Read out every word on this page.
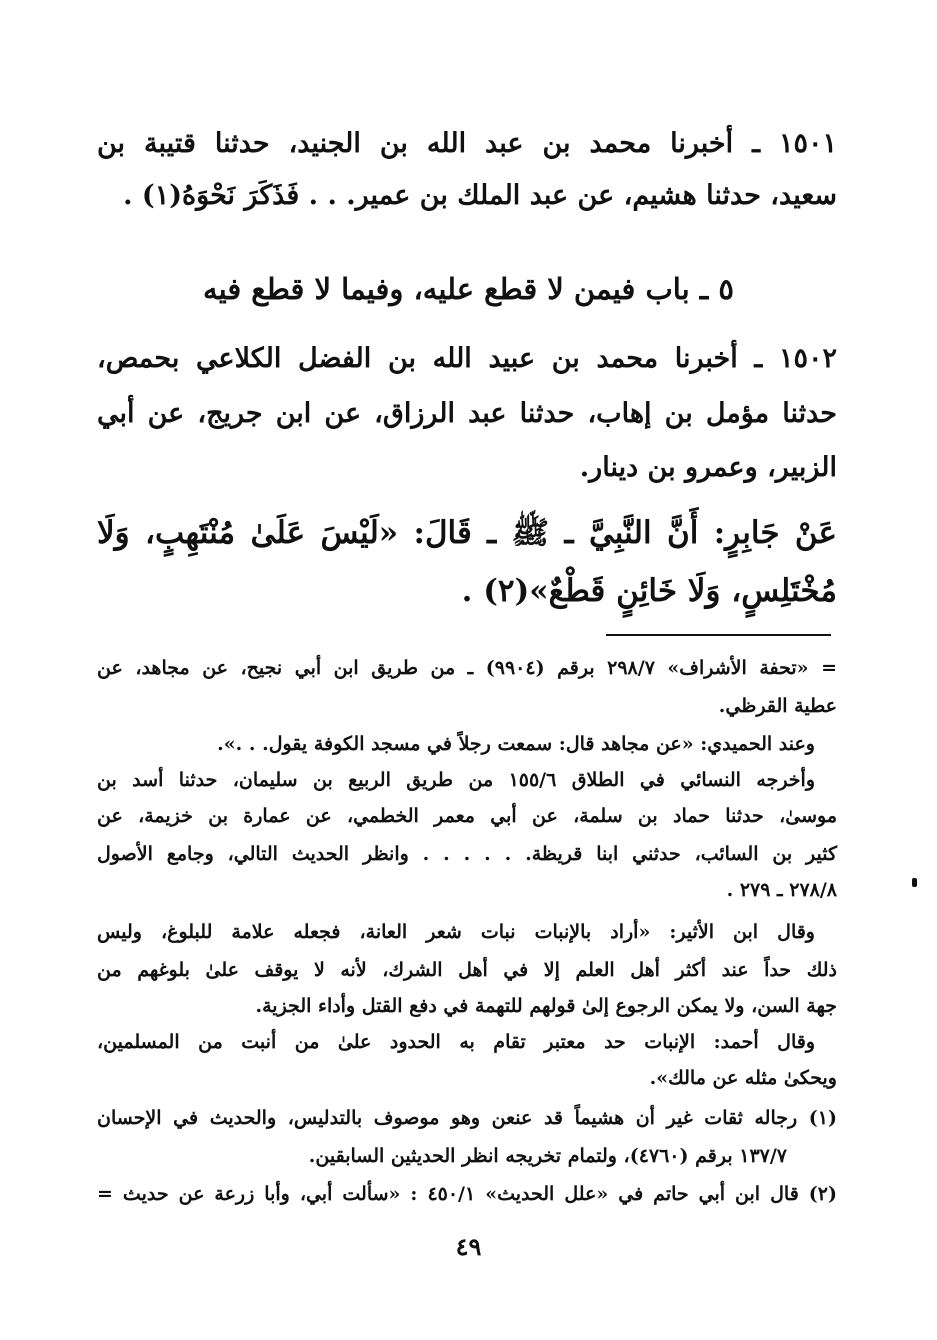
١٥٠١ ـ أخبرنا محمد بن عبد الله بن الجنيد، حدثنا قتيبة بن
سعيد، حدثنا هشيم، عن عبد الملك بن عمير. . . فَذَكَرَ نَحْوَهُ(١) .
٥ ـ باب فيمن لا قطع عليه، وفيما لا قطع فيه
١٥٠٢ ـ أخبرنا محمد بن عبيد الله بن الفضل الكلاعي بحمص،
حدثنا مؤمل بن إهاب، حدثنا عبد الرزاق، عن ابن جريج، عن أبي
الزبير، وعمرو بن دينار.
عَنْ جَابِرٍ: أَنَّ النَّبِيَّ ـ ﷺ ـ قَالَ: «لَيْسَ عَلَىٰ مُنْتَهِبٍ، وَلَا
مُخْتَلِسٍ، وَلَا خَائِنٍ قَطْعٌ»(٢) .
= «تحفة الأشراف» ٢٩٨/٧ برقم (٩٩٠٤) ـ من طريق ابن أبي نجيح، عن مجاهد، عن
عطية القرظي.
وعند الحميدي: «عن مجاهد قال: سمعت رجلاً في مسجد الكوفة يقول. . .».
وأخرجه النسائي في الطلاق ١٥٥/٦ من طريق الربيع بن سليمان، حدثنا أسد بن
موسىٰ، حدثنا حماد بن سلمة، عن أبي معمر الخطمي، عن عمارة بن خزيمة، عن
كثير بن السائب، حدثني ابنا قريظة. . . . . . وانظر الحديث التالي، وجامع الأصول
٢٧٨/٨ ـ ٢٧٩ .
وقال ابن الأثير: «أراد بالإنبات نبات شعر العانة، فجعله علامة للبلوغ، وليس
ذلك حداً عند أكثر أهل العلم إلا في أهل الشرك، لأنه لا يوقف علىٰ بلوغهم من
جهة السن، ولا يمكن الرجوع إلىٰ قولهم للتهمة في دفع القتل وأداء الجزية.
وقال أحمد: الإنبات حد معتبر تقام به الحدود علىٰ من أنبت من المسلمين،
ويحكىٰ مثله عن مالك».
(١) رجاله ثقات غير أن هشيماً قد عنعن وهو موصوف بالتدليس، والحديث في الإحسان
١٣٧/٧ برقم (٤٧٦٠)، ولتمام تخريجه انظر الحديثين السابقين.
(٢) قال ابن أبي حاتم في «علل الحديث» ٤٥٠/١ : «سألت أبي، وأبا زرعة عن حديث =
٤٩
